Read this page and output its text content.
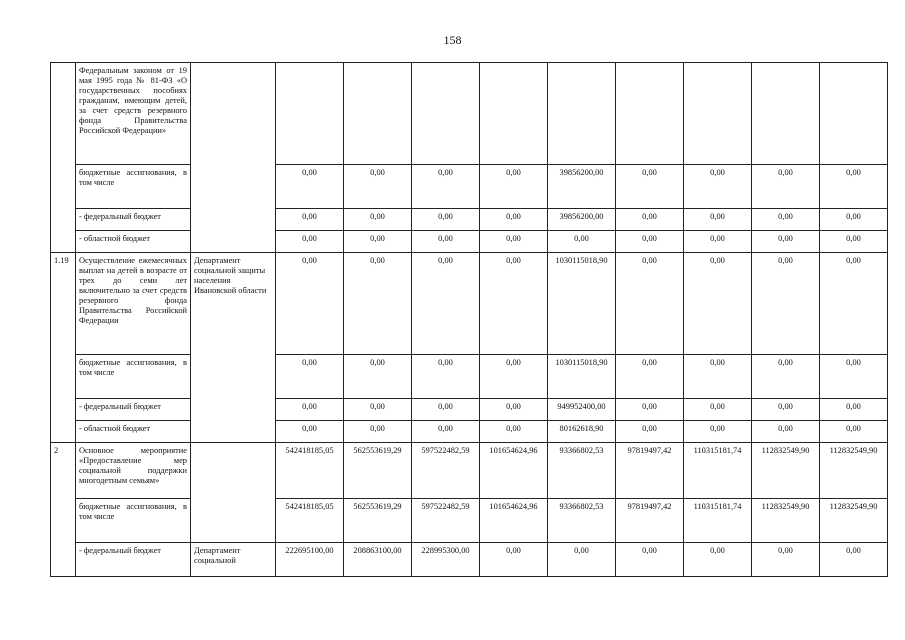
158
	Федеральным законом от 19 мая 1995 года № 81-ФЗ «О государственных пособиях гражданам, имеющим детей, за счет средств резервного фонда Правительства Российской Федерации»										
	бюджетные ассигнования, в том числе		0,00	0,00	0,00	0,00	39856200,00	0,00	0,00	0,00	0,00
	- федеральный бюджет		0,00	0,00	0,00	0,00	39856200,00	0,00	0,00	0,00	0,00
	- областной бюджет		0,00	0,00	0,00	0,00	0,00	0,00	0,00	0,00	0,00
1.19	Осуществление ежемесячных выплат на детей в возрасте от трех до семи лет включительно за счет средств резервного фонда Правительства Российской Федерации	Департамент социальной защиты населения Ивановской области	0,00	0,00	0,00	0,00	1030115018,90	0,00	0,00	0,00	0,00
	бюджетные ассигнования, в том числе		0,00	0,00	0,00	0,00	1030115018,90	0,00	0,00	0,00	0,00
	- федеральный бюджет		0,00	0,00	0,00	0,00	949952400,00	0,00	0,00	0,00	0,00
	- областной бюджет		0,00	0,00	0,00	0,00	80162618,90	0,00	0,00	0,00	0,00
2	Основное мероприятие «Предоставление мер социальной поддержки многодетным семьям»		542418185,05	562553619,29	597522482,59	101654624,96	93366802,53	97819497,42	110315181,74	112832549,90	112832549,90
	бюджетные ассигнования, в том числе		542418185,05	562553619,29	597522482,59	101654624,96	93366802,53	97819497,42	110315181,74	112832549,90	112832549,90
	- федеральный бюджет	Департамент социальной	222695100,00	208863100,00	228995300,00	0,00	0,00	0,00	0,00	0,00	0,00
